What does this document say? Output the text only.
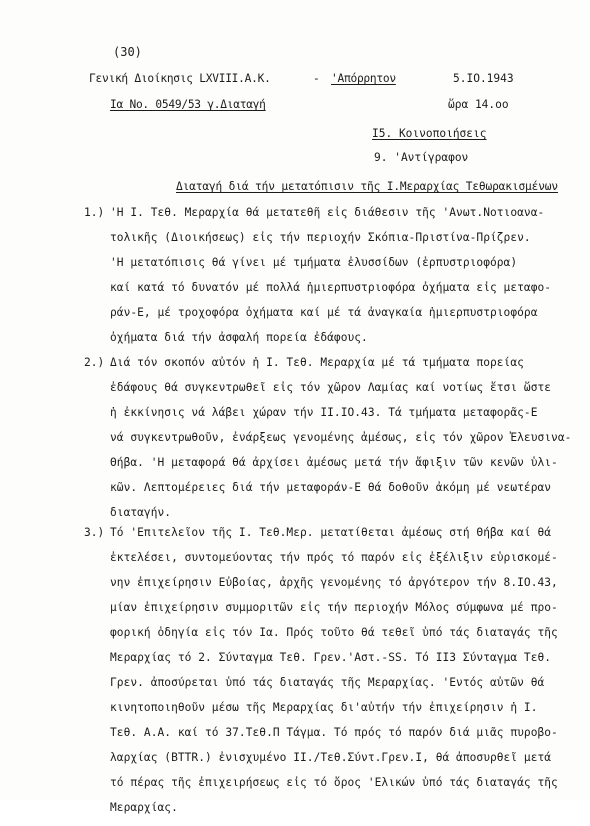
(30)
Γενική Διοίκησις LXVIII.Α.Κ.	- 'Απόρρητον	5.IO.1943
Ια Νο. 0549/53 γ.Διαταγή	ὥρα 14.οο
I5. Κοινοποιήσεις
9. 'Αντίγραφον
Διαταγή διά τήν μετατόπισιν τῆς Ι.Μεραρχίας Τεθωρακισμένων
1.) 'Η Ι. Τεθ. Μεραρχία θά μετατεθῆ εἰς διάθεσιν τῆς 'Ανωτ.Νοτιοανα-
τολικῆς (Διοικήσεως) εἰς τήν περιοχήν Σκόπια-Πριστίνα-Πρίζρεν.
'Η μετατόπισις θά γίνει μέ τμήματα ἐλυσσίδων (ἑρπυστριοφόρα)
καί κατά τό δυνατόν μέ πολλά ἡμιερπυστριοφόρα ὀχήματα εἰς μεταφο-
ράν-Ε, μέ τροχοφόρα ὀχήματα καί μέ τά ἀναγκαία ἡμιερπυστριοφόρα
ὀχήματα διά τήν ἀσφαλή πορεία ἐδάφους.
2.) Διά τόν σκοπόν αὐτόν ἡ Ι. Τεθ. Μεραρχία μέ τά τμήματα πορείας
ἐδάφους θά συγκεντρωθεῖ εἰς τόν χῶρον Λαμίας καί νοτίως ἔτσι ὥστε
ἡ ἐκκίνησις νά λάβει χώραν τήν ΙΙ.ΙΟ.43. Τά τμήματα μεταφορᾶς-Ε
νά συγκεντρωθοῦν, ἐνάρξεως γενομένης ἀμέσως, εἰς τόν χῶρον Ἐλευσινα-
Θήβα. 'Η μεταφορά θά ἀρχίσει ἀμέσως μετά τήν ἄφιξιν τῶν κενῶν ὑλι-
κῶν. Λεπτομέρειες διά τήν μεταφοράν-Ε θά δοθοῦν ἀκόμη μέ νεωτέραν
διαταγήν.
3.) Τό 'Επιτελεῖον τῆς Ι. Τεθ.Μερ. μετατίθεται ἀμέσως στή Θήβα καί θά
ἐκτελέσει, συντομεύοντας τήν πρός τό παρόν εἰς ἐξέλιξιν εὑρισκομέ-
νην ἐπιχείρησιν Εὐβοίας, ἀρχῆς γενομένης τό ἀργότερον τήν 8.ΙΟ.43,
μίαν ἐπιχείρησιν συμμοριτῶν εἰς τήν περιοχήν Μόλος σύμφωνα μέ προ-
φορική ὁδηγία εἰς τόν Ια. Πρός τοῦτο θά τεθεῖ ὑπό τάς διαταγάς τῆς
Μεραρχίας τό 2. Σύνταγμα Τεθ. Γρεν.'Αστ.-SS. Τό ΙΙ3 Σύνταγμα Τεθ.
Γρεν. ἀποσύρεται ὑπό τάς διαταγάς τῆς Μεραρχίας. 'Εντός αὐτῶν θά
κινητοποιηθοῦν μέσω τῆς Μεραρχίας δι'αὐτήν τήν ἐπιχείρησιν ἡ Ι.
Τεθ. Α.Α. καί τό 37.Τεθ.Π Τάγμα. Τό πρός τό παρόν διά μιᾶς πυροβο-
λαρχίας (ΒΤΤR.) ἐνισχυμένο ΙΙ./Τεθ.Σύντ.Γρεν.Ι, θά ἀποσυρθεῖ μετά
τό πέρας τῆς ἐπιχειρήσεως εἰς τό ὄρος 'Ελικών ὑπό τάς διαταγάς τῆς
Μεραρχίας.
